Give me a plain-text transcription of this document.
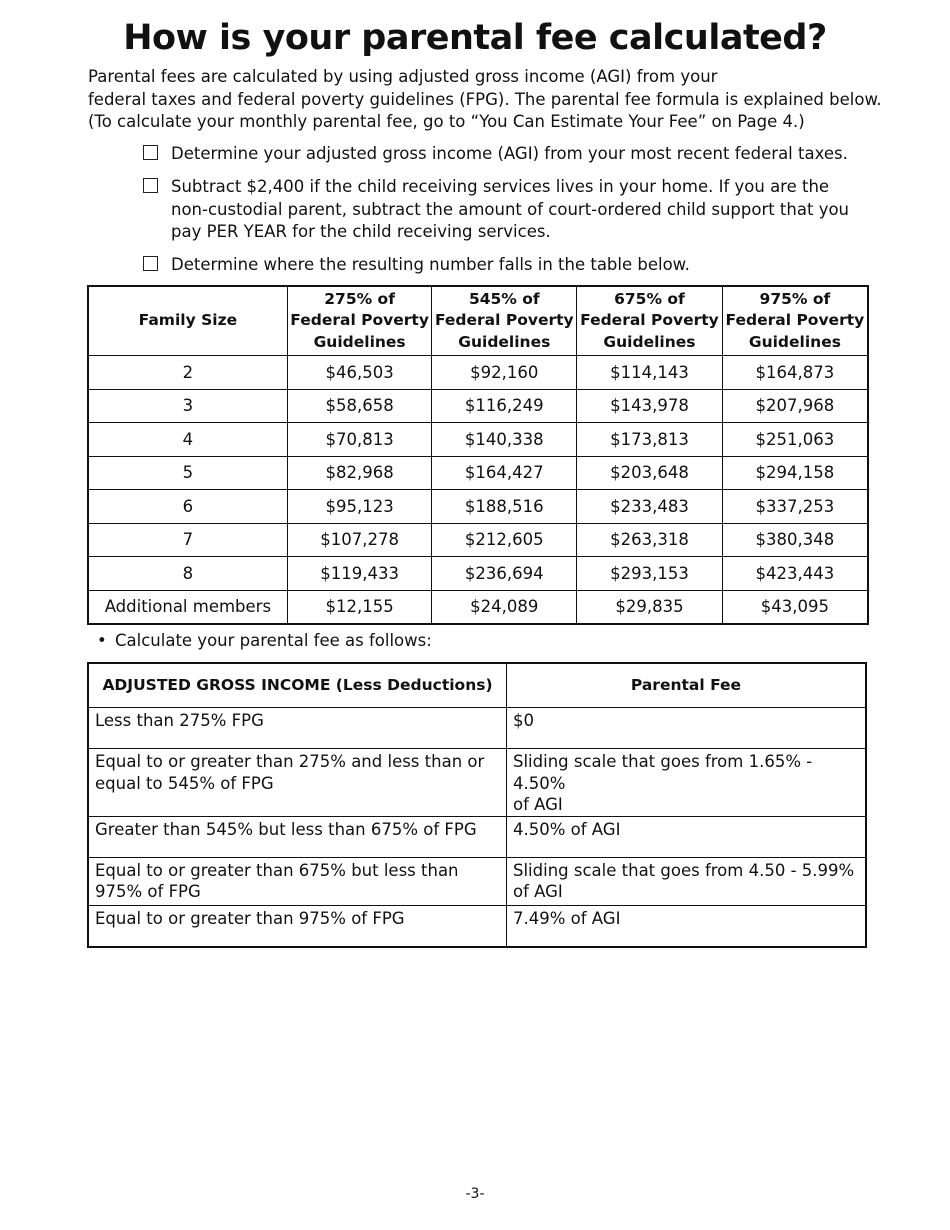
How is your parental fee calculated?

Parental fees are calculated by using adjusted gross income (AGI) from your
federal taxes and federal poverty guidelines (FPG). The parental fee formula is explained below.
(To calculate your monthly parental fee, go to “You Can Estimate Your Fee” on Page 4.)

Determine your adjusted gross income (AGI) from your most recent federal taxes.
Subtract $2,400 if the child receiving services lives in your home. If you are the
non-custodial parent, subtract the amount of court-ordered child support that you
pay PER YEAR for the child receiving services.
Determine where the resulting number falls in the table below.
Family Size	275% of
Federal Poverty
Guidelines	545% of
Federal Poverty
Guidelines	675% of
Federal Poverty
Guidelines	975% of
Federal Poverty
Guidelines

2	$46,503	$92,160	$114,143	$164,873
3	$58,658	$116,249	$143,978	$207,968
4	$70,813	$140,338	$173,813	$251,063
5	$82,968	$164,427	$203,648	$294,158
6	$95,123	$188,516	$233,483	$337,253
7	$107,278	$212,605	$263,318	$380,348
8	$119,433	$236,694	$293,153	$423,443
Additional members	$12,155	$24,089	$29,835	$43,095
• Calculate your parental fee as follows:
ADJUSTED GROSS INCOME (Less Deductions)	Parental Fee

Less than 275% FPG	$0

Equal to or greater than 275% and less than or
equal to 545% of FPG	Sliding scale that goes from 1.65% - 4.50%
of AGI

Greater than 545% but less than 675% of FPG	4.50% of AGI

Equal to or greater than 675% but less than
975% of FPG	Sliding scale that goes from 4.50 - 5.99%
of AGI

Equal to or greater than 975% of FPG	7.49% of AGI
-3-
